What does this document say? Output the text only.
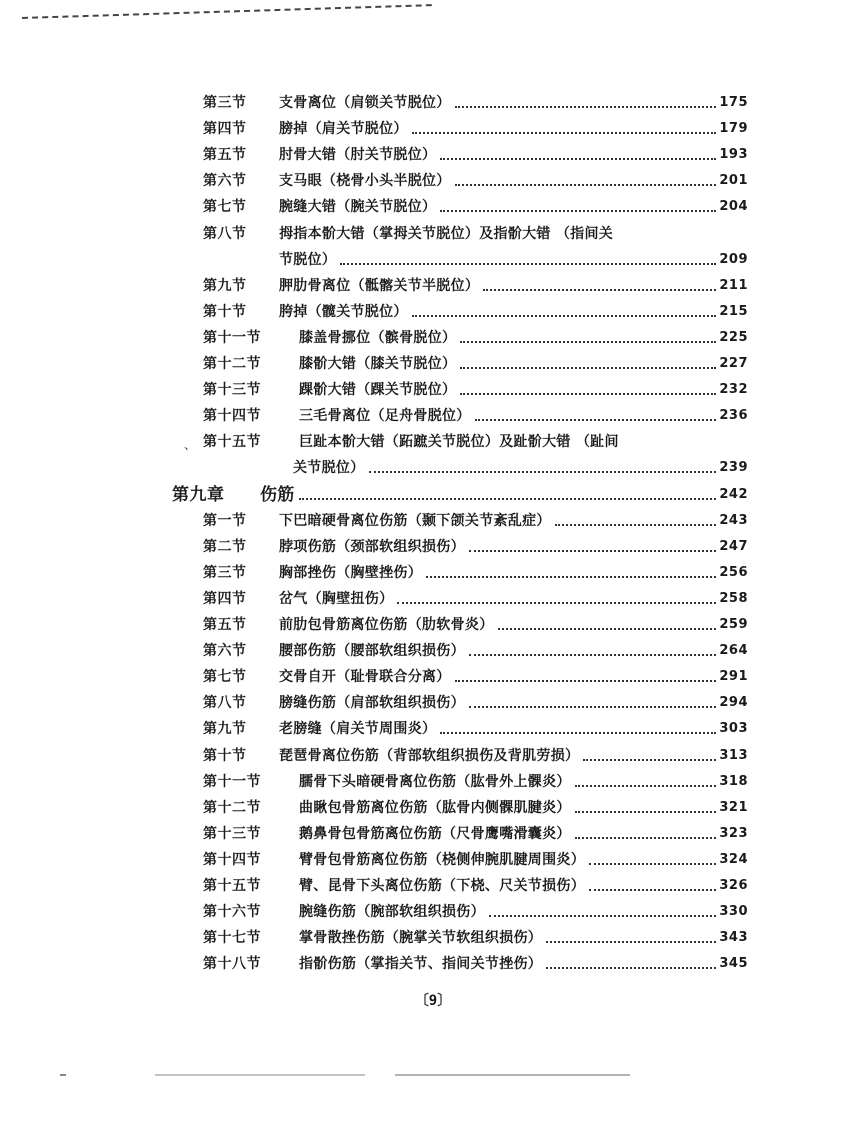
第三节	支骨离位（肩锁关节脱位）	175
第四节	膀掉（肩关节脱位）	179
第五节	肘骨大错（肘关节脱位）	193
第六节	支马眼（桡骨小头半脱位）	201
第七节	腕缝大错（腕关节脱位）	204
第八节	拇指本骱大错（掌拇关节脱位）及指骱大错 （指间关
节脱位）	209
第九节	胛肋骨离位（骶髂关节半脱位）	211
第十节	胯掉（髋关节脱位）	215
第十一节	膝盖骨挪位（髌骨脱位）	225
第十二节	膝骱大错（膝关节脱位）	227
第十三节	踝骱大错（踝关节脱位）	232
第十四节	三毛骨离位（足舟骨脱位）	236
第十五节	巨趾本骱大错（跖蹠关节脱位）及趾骱大错 （趾间
关节脱位）	239
第九章	伤筋	242
第一节	下巴暗硬骨离位伤筋（颞下颌关节紊乱症）	243
第二节	脖项伤筋（颈部软组织损伤）	247
第三节	胸部挫伤（胸壁挫伤）	256
第四节	岔气（胸壁扭伤）	258
第五节	前肋包骨筋离位伤筋（肋软骨炎）	259
第六节	腰部伤筋（腰部软组织损伤）	264
第七节	交骨自开（耻骨联合分离）	291
第八节	膀缝伤筋（肩部软组织损伤）	294
第九节	老膀缝（肩关节周围炎）	303
第十节	琵琶骨离位伤筋（背部软组织损伤及背肌劳损）	313
第十一节	臑骨下头暗硬骨离位伤筋（肱骨外上髁炎）	318
第十二节	曲瞅包骨筋离位伤筋（肱骨内侧髁肌腱炎）	321
第十三节	鹅鼻骨包骨筋离位伤筋（尺骨鹰嘴滑囊炎）	323
第十四节	臂骨包骨筋离位伤筋（桡侧伸腕肌腱周围炎）	324
第十五节	臂、昆骨下头离位伤筋（下桡、尺关节损伤）	326
第十六节	腕缝伤筋（腕部软组织损伤）	330
第十七节	掌骨散挫伤筋（腕掌关节软组织损伤）	343
第十八节	指骱伤筋（掌指关节、指间关节挫伤）	345
、
〔9〕
